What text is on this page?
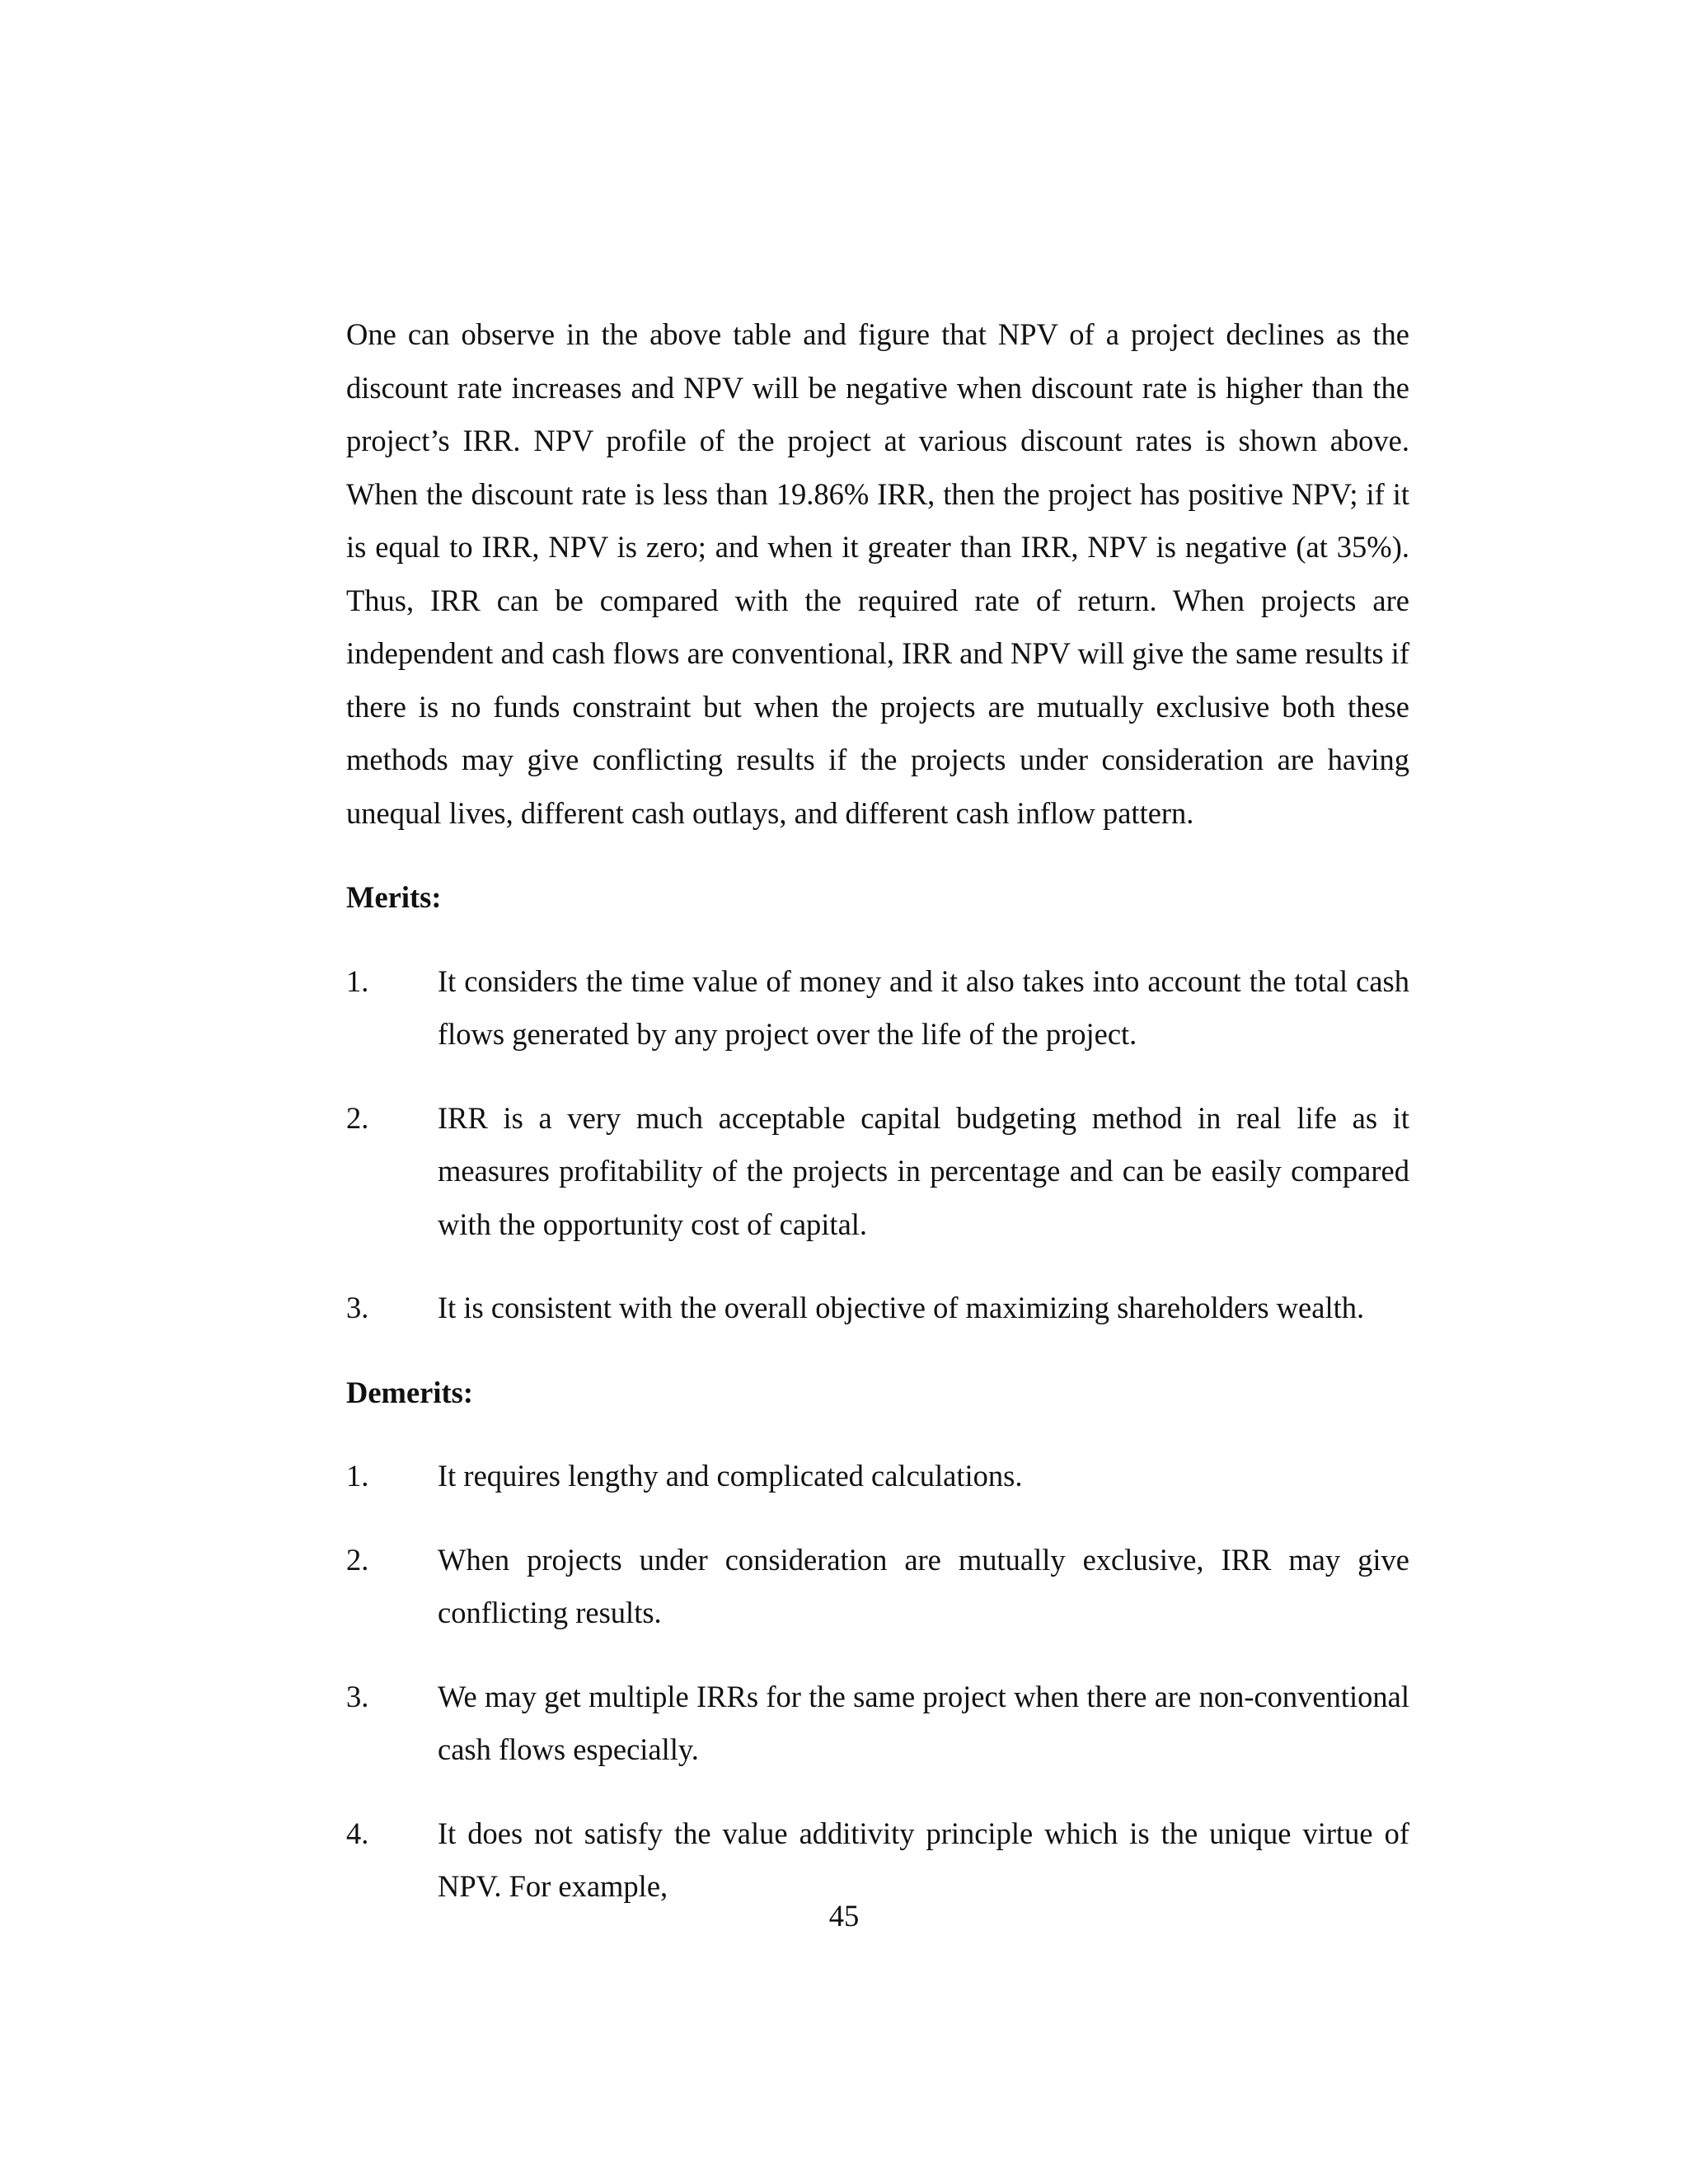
One can observe in the above table and figure that NPV of a project declines as the discount rate increases and NPV will be negative when discount rate is higher than the project’s IRR. NPV profile of the project at various discount rates is shown above. When the discount rate is less than 19.86% IRR, then the project has positive NPV; if it is equal to IRR, NPV is zero; and when it greater than IRR, NPV is negative (at 35%). Thus, IRR can be compared with the required rate of return. When projects are independent and cash flows are conventional, IRR and NPV will give the same results if there is no funds constraint but when the projects are mutually exclusive both these methods may give conflicting results if the projects under consideration are having unequal lives, different cash outlays, and different cash inflow pattern.

Merits:
1.	It considers the time value of money and it also takes into account the total cash flows generated by any project over the life of the project.
2.	IRR is a very much acceptable capital budgeting method in real life as it measures profitability of the projects in percentage and can be easily compared with the opportunity cost of capital.
3.	It is consistent with the overall objective of maximizing shareholders wealth.
Demerits:
1.	It requires lengthy and complicated calculations.
2.	When projects under consideration are mutually exclusive, IRR may give conflicting results.
3.	We may get multiple IRRs for the same project when there are non-conventional cash flows especially.
4.	It does not satisfy the value additivity principle which is the unique virtue of NPV. For example,
45
